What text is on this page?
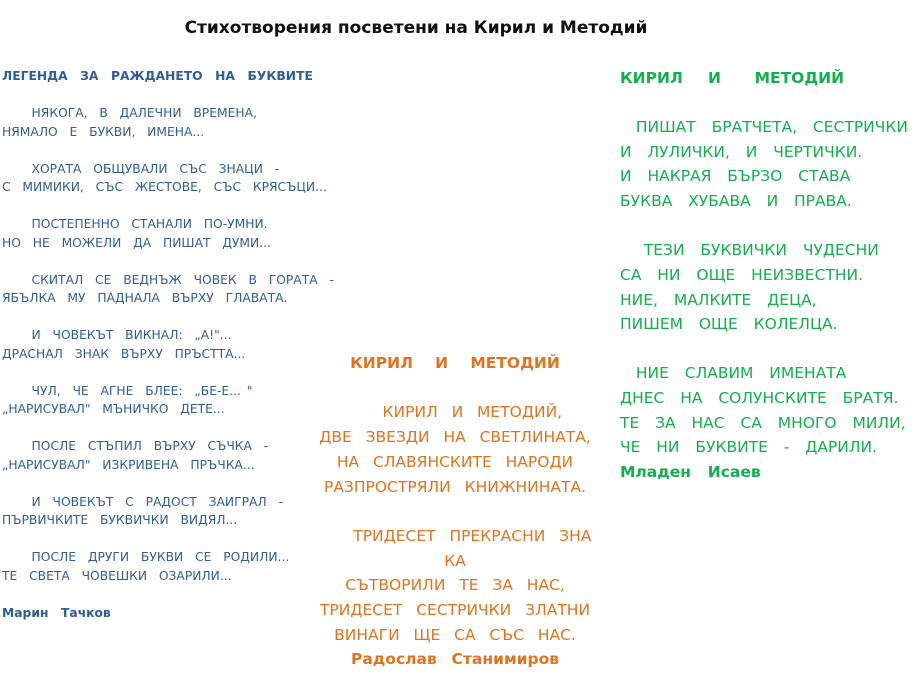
Стихотворения посветени на Кирил и Методий
ЛЕГЕНДА  ЗА  РАЖДАНЕТО  НА  БУКВИТЕ
НЯКОГА,  В  ДАЛЕЧНИ  ВРЕМЕНА,
НЯМАЛО  Е  БУКВИ,  ИМЕНА...
ХОРАТА  ОБЩУВАЛИ  СЪС  ЗНАЦИ  -
С  МИМИКИ,  СЪС  ЖЕСТОВЕ,  СЪС  КРЯСЪЦИ...
ПОСТЕПЕННО  СТАНАЛИ  ПО-УМНИ.
НО  НЕ  МОЖЕЛИ  ДА  ПИШАТ  ДУМИ...
СКИТАЛ  СЕ  ВЕДНЪЖ  ЧОВЕК  В  ГОРАТА  -
ЯБЪЛКА  МУ  ПАДНАЛА  ВЪРХУ  ГЛАВАТА.
И  ЧОВЕКЪТ  ВИКНАЛ:  „А!"...
ДРАСНАЛ  ЗНАК  ВЪРХУ  ПРЪСТТА...
ЧУЛ,  ЧЕ  АГНЕ  БЛЕЕ:  „БЕ-Е... "
„НАРИСУВАЛ"  МЪНИЧКО  ДЕТЕ...
ПОСЛЕ  СТЪПИЛ  ВЪРХУ  СЪЧКА  -
„НАРИСУВАЛ"  ИЗКРИВЕНА  ПРЪЧКА...
И  ЧОВЕКЪТ  С  РАДОСТ  ЗАИГРАЛ  -
ПЪРВИЧКИТЕ  БУКВИЧКИ  ВИДЯЛ...
ПОСЛЕ  ДРУГИ  БУКВИ  СЕ  РОДИЛИ...
ТЕ  СВЕТА  ЧОВЕШКИ  ОЗАРИЛИ...
Марин  Тачков
КИРИЛ   И   МЕТОДИЙ
КИРИЛ  И  МЕТОДИЙ,
ДВЕ  ЗВЕЗДИ  НА  СВЕТЛИНАТА,
НА  СЛАВЯНСКИТЕ  НАРОДИ
РАЗПРОСТРЯЛИ  КНИЖНИНАТА.
ТРИДЕСЕТ  ПРЕКРАСНИ  ЗНА
КА
СЪТВОРИЛИ  ТЕ  ЗА  НАС,
ТРИДЕСЕТ  СЕСТРИЧКИ  ЗЛАТНИ
ВИНАГИ  ЩЕ  СА  СЪС  НАС.
Радослав  Станимиров
КИРИЛ   И    МЕТОДИЙ
ПИШАТ  БРАТЧЕТА,  СЕСТРИЧКИ
И  ЛУЛИЧКИ,  И  ЧЕРТИЧКИ.
И  НАКРАЯ  БЪРЗО  СТАВА
БУКВА  ХУБАВА  И  ПРАВА.
ТЕЗИ  БУКВИЧКИ  ЧУДЕСНИ
СА  НИ  ОЩЕ  НЕИЗВЕСТНИ.
НИЕ,  МАЛКИТЕ  ДЕЦА,
ПИШЕМ  ОЩЕ  КОЛЕЛЦА.
НИЕ  СЛАВИМ  ИМЕНАТА
ДНЕС  НА  СОЛУНСКИТЕ  БРАТЯ.
ТЕ  ЗА  НАС  СА  МНОГО  МИЛИ,
ЧЕ  НИ  БУКВИТЕ  -  ДАРИЛИ.
Младен  Исаев
